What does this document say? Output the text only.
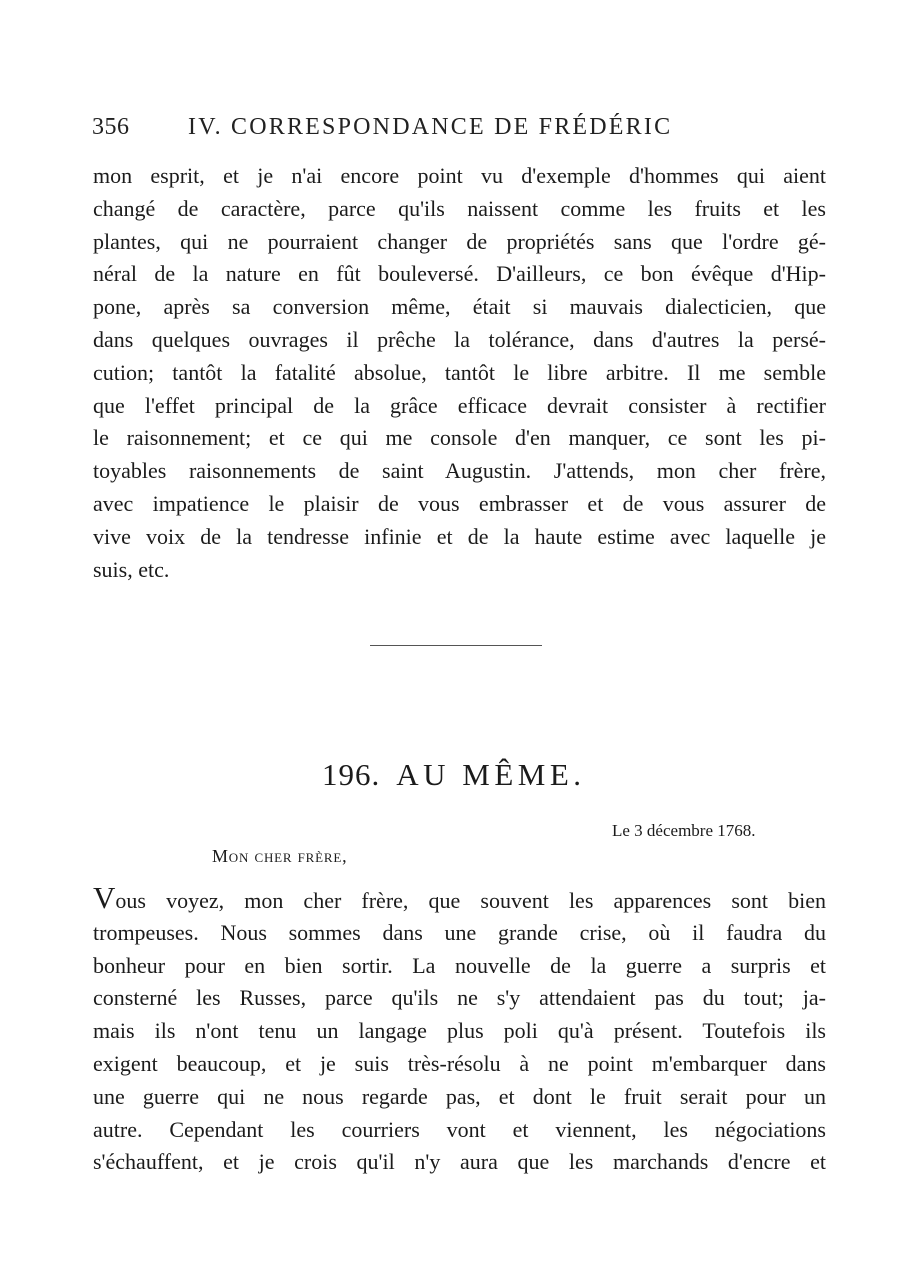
356 IV. CORRESPONDANCE DE FRÉDÉRIC
mon esprit, et je n'ai encore point vu d'exemple d'hommes qui aient
changé de caractère, parce qu'ils naissent comme les fruits et les
plantes, qui ne pourraient changer de propriétés sans que l'ordre gé-
néral de la nature en fût bouleversé. D'ailleurs, ce bon évêque d'Hip-
pone, après sa conversion même, était si mauvais dialecticien, que
dans quelques ouvrages il prêche la tolérance, dans d'autres la persé-
cution; tantôt la fatalité absolue, tantôt le libre arbitre. Il me semble
que l'effet principal de la grâce efficace devrait consister à rectifier
le raisonnement; et ce qui me console d'en manquer, ce sont les pi-
toyables raisonnements de saint Augustin. J'attends, mon cher frère,
avec impatience le plaisir de vous embrasser et de vous assurer de
vive voix de la tendresse infinie et de la haute estime avec laquelle je
suis, etc.
196. AU MÊME.
Le 3 décembre 1768.
Mon cher frère,
Vous voyez, mon cher frère, que souvent les apparences sont bien
trompeuses. Nous sommes dans une grande crise, où il faudra du
bonheur pour en bien sortir. La nouvelle de la guerre a surpris et
consterné les Russes, parce qu'ils ne s'y attendaient pas du tout; ja-
mais ils n'ont tenu un langage plus poli qu'à présent. Toutefois ils
exigent beaucoup, et je suis très-résolu à ne point m'embarquer dans
une guerre qui ne nous regarde pas, et dont le fruit serait pour un
autre. Cependant les courriers vont et viennent, les négociations
s'échauffent, et je crois qu'il n'y aura que les marchands d'encre et
